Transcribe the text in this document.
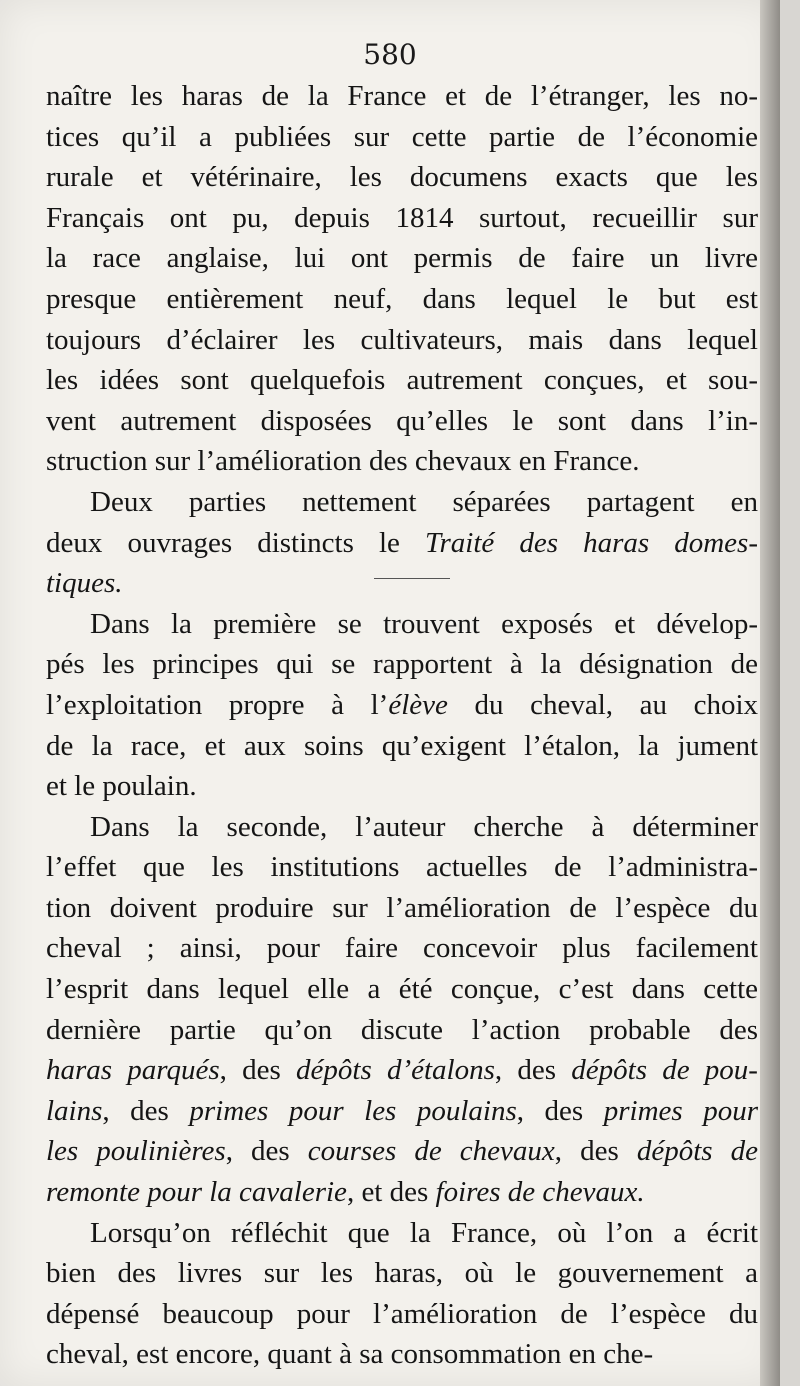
580

naître les haras de la France et de l’étranger, les no-
tices qu’il a publiées sur cette partie de l’économie
rurale et vétérinaire, les documens exacts que les
Français ont pu, depuis 1814 surtout, recueillir sur
la race anglaise, lui ont permis de faire un livre
presque entièrement neuf, dans lequel le but est
toujours d’éclairer les cultivateurs, mais dans lequel
les idées sont quelquefois autrement conçues, et sou-
vent autrement disposées qu’elles le sont dans l’in-
struction sur l’amélioration des chevaux en France.

Deux parties nettement séparées partagent en
deux ouvrages distincts le Traité des haras domes-
tiques.

Dans la première se trouvent exposés et dévelop-
pés les principes qui se rapportent à la désignation de
l’exploitation propre à l’élève du cheval, au choix
de la race, et aux soins qu’exigent l’étalon, la jument
et le poulain.

Dans la seconde, l’auteur cherche à déterminer
l’effet que les institutions actuelles de l’administra-
tion doivent produire sur l’amélioration de l’espèce du
cheval ; ainsi, pour faire concevoir plus facilement
l’esprit dans lequel elle a été conçue, c’est dans cette
dernière partie qu’on discute l’action probable des
haras parqués, des dépôts d’étalons, des dépôts de pou-
lains, des primes pour les poulains, des primes pour
les poulinières, des courses de chevaux, des dépôts de
remonte pour la cavalerie, et des foires de chevaux.

Lorsqu’on réfléchit que la France, où l’on a écrit
bien des livres sur les haras, où le gouvernement a
dépensé beaucoup pour l’amélioration de l’espèce du
cheval, est encore, quant à sa consommation en che-
